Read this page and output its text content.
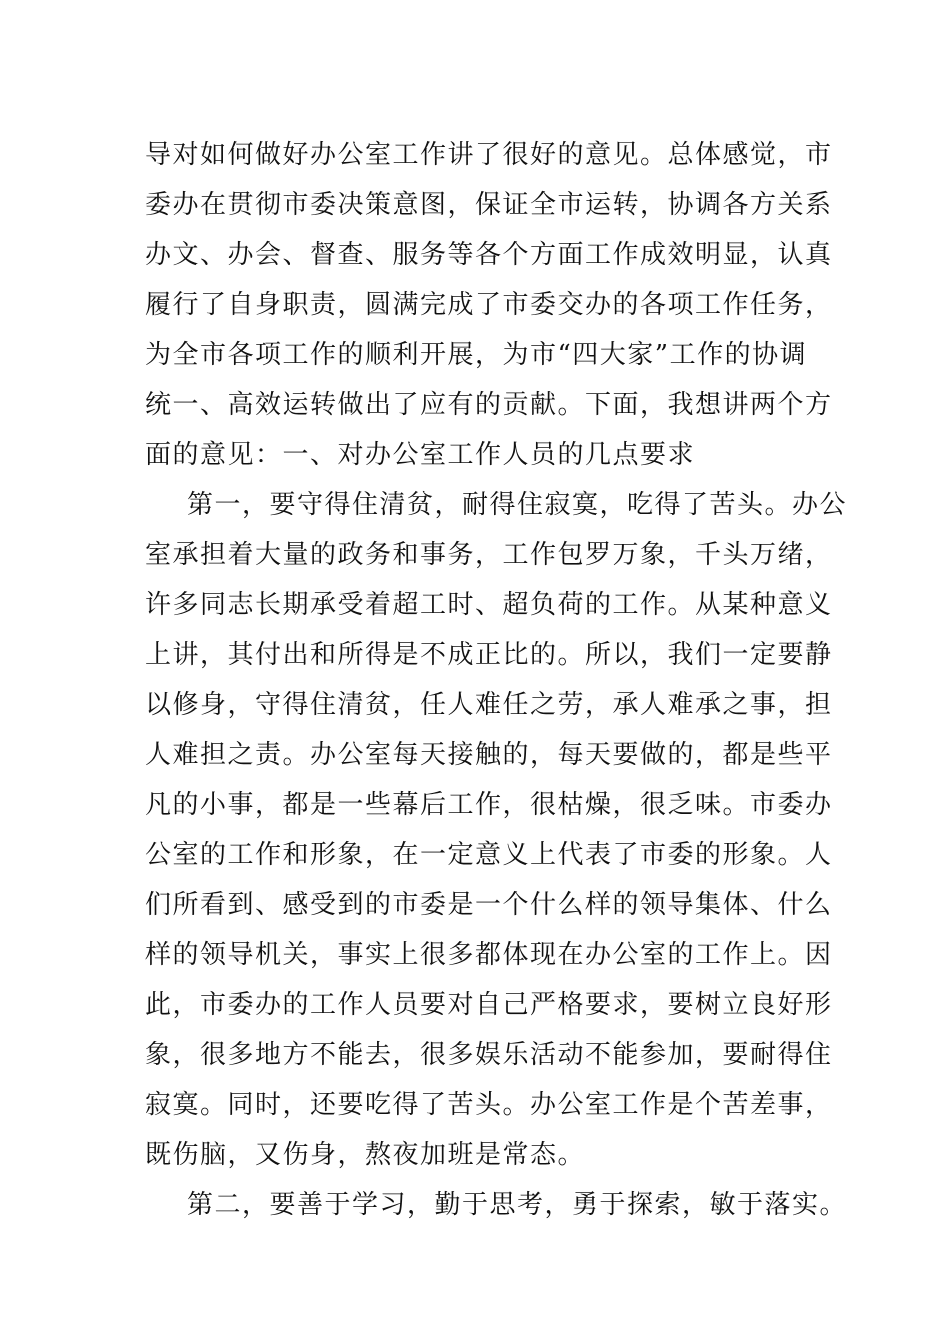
导对如何做好办公室工作讲了很好的意见。总体感觉，市
委办在贯彻市委决策意图，保证全市运转，协调各方关系
办文、办会、督查、服务等各个方面工作成效明显，认真
履行了自身职责，圆满完成了市委交办的各项工作任务，
为全市各项工作的顺利开展，为市“四大家”工作的协调
统一、高效运转做出了应有的贡献。下面，我想讲两个方
面的意见：一、对办公室工作人员的几点要求
第一，要守得住清贫，耐得住寂寞，吃得了苦头。办公
室承担着大量的政务和事务，工作包罗万象，千头万绪，
许多同志长期承受着超工时、超负荷的工作。从某种意义
上讲，其付出和所得是不成正比的。所以，我们一定要静
以修身，守得住清贫，任人难任之劳，承人难承之事，担
人难担之责。办公室每天接触的，每天要做的，都是些平
凡的小事，都是一些幕后工作，很枯燥，很乏味。市委办
公室的工作和形象，在一定意义上代表了市委的形象。人
们所看到、感受到的市委是一个什么样的领导集体、什么
样的领导机关，事实上很多都体现在办公室的工作上。因
此，市委办的工作人员要对自己严格要求，要树立良好形
象，很多地方不能去，很多娱乐活动不能参加，要耐得住
寂寞。同时，还要吃得了苦头。办公室工作是个苦差事，
既伤脑，又伤身，熬夜加班是常态。
第二，要善于学习，勤于思考，勇于探索，敏于落实。
